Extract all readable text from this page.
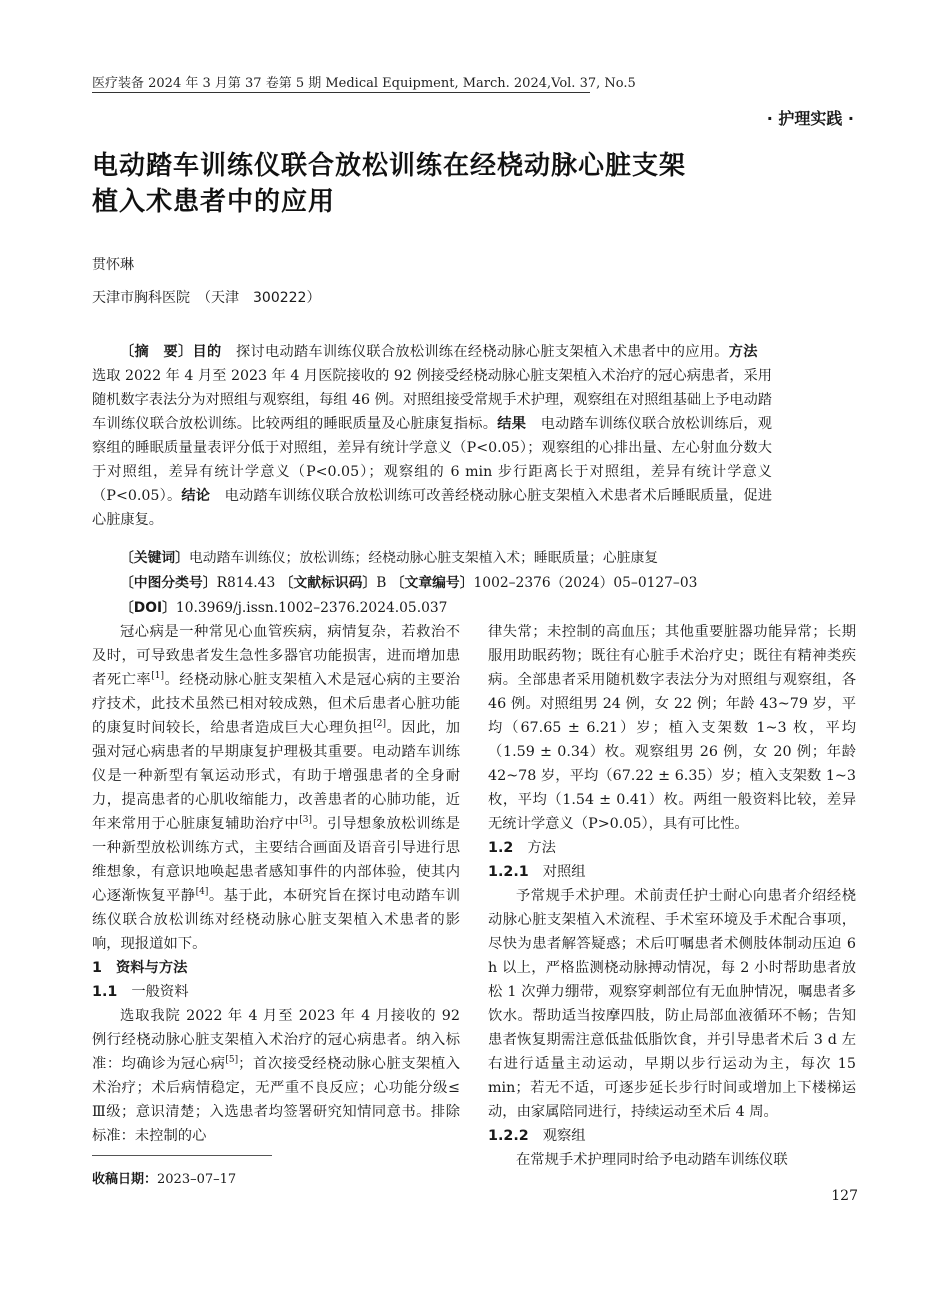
医疗装备 2024 年 3 月第 37 卷第 5 期 Medical Equipment, March. 2024,Vol. 37, No.5
· 护理实践 ·
电动踏车训练仪联合放松训练在经桡动脉心脏支架
植入术患者中的应用
贯怀琳
天津市胸科医院　（天津　300222）
〔摘　要〕目的　探讨电动踏车训练仪联合放松训练在经桡动脉心脏支架植入术患者中的应用。方法　选取 2022 年 4 月至 2023 年 4 月医院接收的 92 例接受经桡动脉心脏支架植入术治疗的冠心病患者，采用随机数字表法分为对照组与观察组，每组 46 例。对照组接受常规手术护理，观察组在对照组基础上予电动踏车训练仪联合放松训练。比较两组的睡眠质量及心脏康复指标。结果　电动踏车训练仪联合放松训练后，观察组的睡眠质量量表评分低于对照组，差异有统计学意义（P<0.05）；观察组的心排出量、左心射血分数大于对照组，差异有统计学意义（P<0.05）；观察组的 6 min 步行距离长于对照组，差异有统计学意义（P<0.05）。结论　电动踏车训练仪联合放松训练可改善经桡动脉心脏支架植入术患者术后睡眠质量，促进心脏康复。
〔关键词〕电动踏车训练仪；放松训练；经桡动脉心脏支架植入术；睡眠质量；心脏康复
〔中图分类号〕R814.43 〔文献标识码〕B 〔文章编号〕1002–2376（2024）05–0127–03
〔DOI〕10.3969/j.issn.1002–2376.2024.05.037

冠心病是一种常见心血管疾病，病情复杂，若救治不及时，可导致患者发生急性多器官功能损害，进而增加患者死亡率[1]。经桡动脉心脏支架植入术是冠心病的主要治疗技术，此技术虽然已相对较成熟，但术后患者心脏功能的康复时间较长，给患者造成巨大心理负担[2]。因此，加强对冠心病患者的早期康复护理极其重要。电动踏车训练仪是一种新型有氧运动形式，有助于增强患者的全身耐力，提高患者的心肌收缩能力，改善患者的心肺功能，近年来常用于心脏康复辅助治疗中[3]。引导想象放松训练是一种新型放松训练方式，主要结合画面及语音引导进行思维想象，有意识地唤起患者感知事件的内部体验，使其内心逐渐恢复平静[4]。基于此，本研究旨在探讨电动踏车训练仪联合放松训练对经桡动脉心脏支架植入术患者的影响，现报道如下。

1 资料与方法

1.1 一般资料

选取我院 2022 年 4 月至 2023 年 4 月接收的 92 例行经桡动脉心脏支架植入术治疗的冠心病患者。纳入标准：均确诊为冠心病[5]；首次接受经桡动脉心脏支架植入术治疗；术后病情稳定，无严重不良反应；心功能分级≤ Ⅲ级；意识清楚；入选患者均签署研究知情同意书。排除标准：未控制的心

律失常；未控制的高血压；其他重要脏器功能异常；长期服用助眠药物；既往有心脏手术治疗史；既往有精神类疾病。全部患者采用随机数字表法分为对照组与观察组，各 46 例。对照组男 24 例，女 22 例；年龄 43~79 岁，平均（67.65 ± 6.21）岁；植入支架数 1~3 枚，平均（1.59 ± 0.34）枚。观察组男 26 例，女 20 例；年龄 42~78 岁，平均（67.22 ± 6.35）岁；植入支架数 1~3 枚，平均（1.54 ± 0.41）枚。两组一般资料比较，差异无统计学意义（P>0.05），具有可比性。

1.2 方法

1.2.1 对照组

予常规手术护理。术前责任护士耐心向患者介绍经桡动脉心脏支架植入术流程、手术室环境及手术配合事项，尽快为患者解答疑惑；术后叮嘱患者术侧肢体制动压迫 6 h 以上，严格监测桡动脉搏动情况，每 2 小时帮助患者放松 1 次弹力绷带，观察穿刺部位有无血肿情况，嘱患者多饮水。帮助适当按摩四肢，防止局部血液循环不畅；告知患者恢复期需注意低盐低脂饮食，并引导患者术后 3 d 左右进行适量主动运动，早期以步行运动为主，每次 15 min；若无不适，可逐步延长步行时间或增加上下楼梯运动，由家属陪同进行，持续运动至术后 4 周。

1.2.2 观察组

在常规手术护理同时给予电动踏车训练仪联

收稿日期：2023–07–17
127
